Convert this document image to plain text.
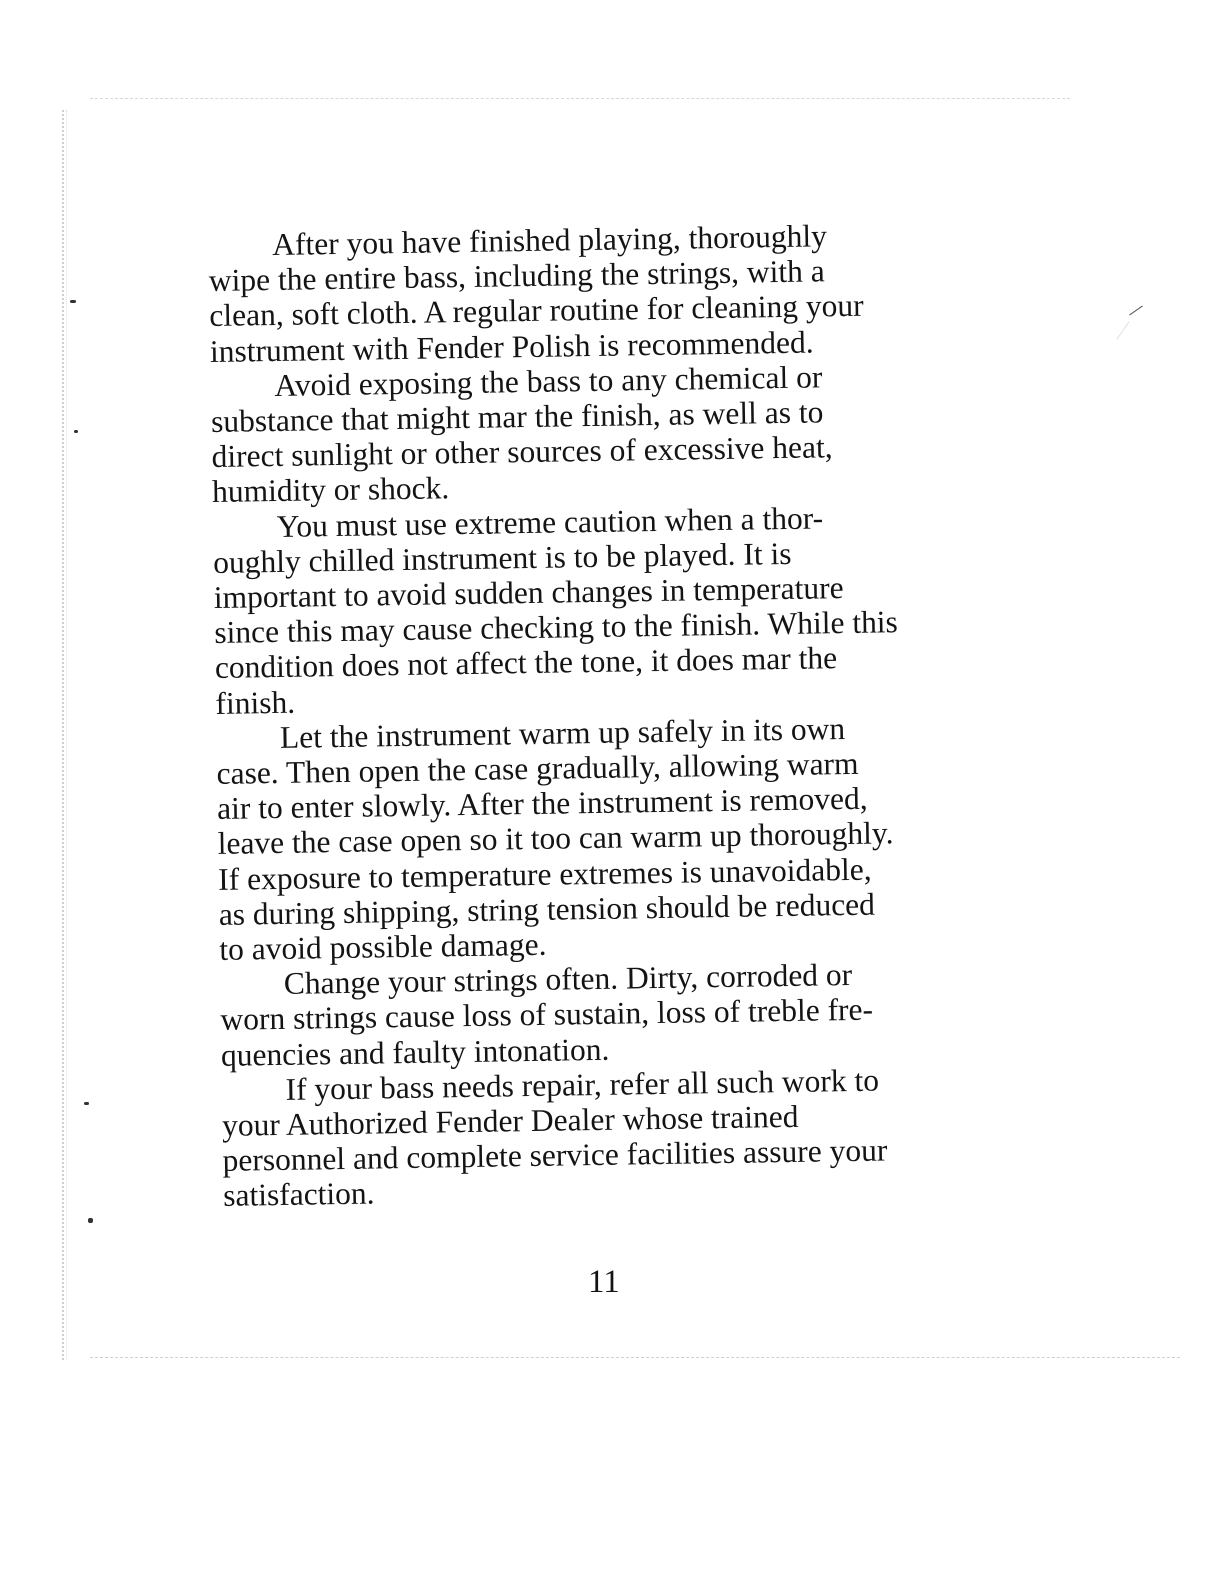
After you have finished playing, thoroughly
wipe the entire bass, including the strings, with a
clean, soft cloth. A regular routine for cleaning your
instrument with Fender Polish is recommended.

Avoid exposing the bass to any chemical or
substance that might mar the finish, as well as to
direct sunlight or other sources of excessive heat,
humidity or shock.

You must use extreme caution when a thor-
oughly chilled instrument is to be played. It is
important to avoid sudden changes in temperature
since this may cause checking to the finish. While this
condition does not affect the tone, it does mar the
finish.

Let the instrument warm up safely in its own
case. Then open the case gradually, allowing warm
air to enter slowly. After the instrument is removed,
leave the case open so it too can warm up thoroughly.
If exposure to temperature extremes is unavoidable,
as during shipping, string tension should be reduced
to avoid possible damage.

Change your strings often. Dirty, corroded or
worn strings cause loss of sustain, loss of treble fre-
quencies and faulty intonation.

If your bass needs repair, refer all such work to
your Authorized Fender Dealer whose trained
personnel and complete service facilities assure your
satisfaction.

11
